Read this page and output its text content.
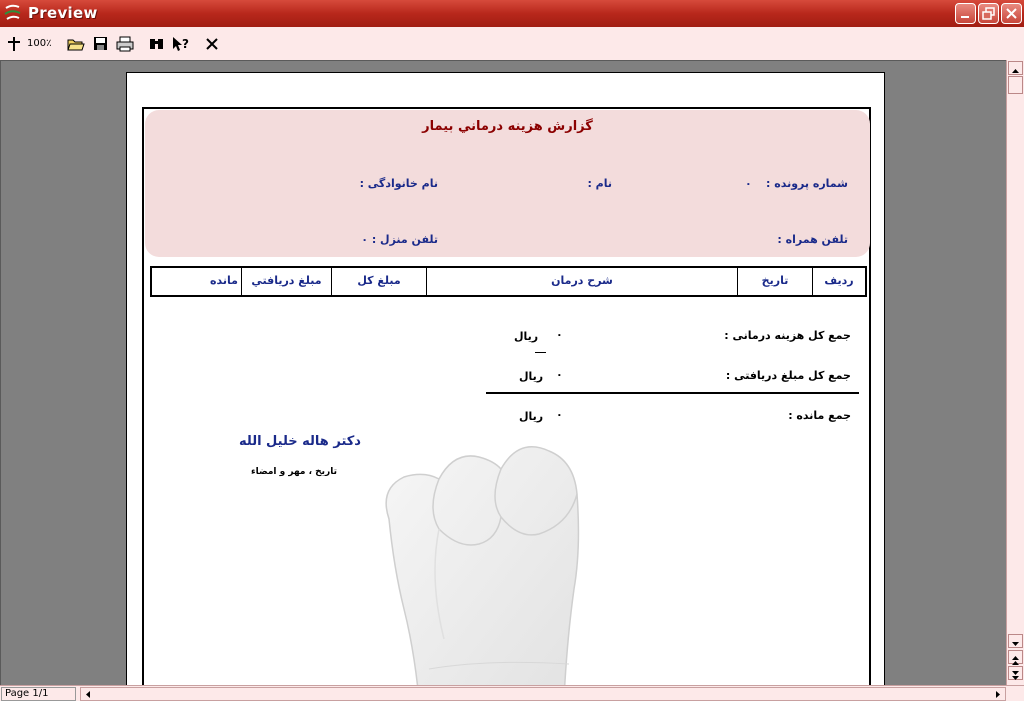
Preview
100٪	?
گزارش هزينه درماني بيمار
شماره پرونده :
۰
نام :
نام خانوادگی :
تلفن همراه :
تلفن منزل : ۰
رديف
تاريخ
شرح درمان
مبلغ کل
مبلغ دريافتي
مانده
جمع کل هزينه درمانی :
۰
ريال
جمع کل مبلغ دريافتی :
۰
ريال
جمع مانده :
۰
ريال
دکتر هاله خليل الله
تاريخ ، مهر و امضاء
Page 1/1
